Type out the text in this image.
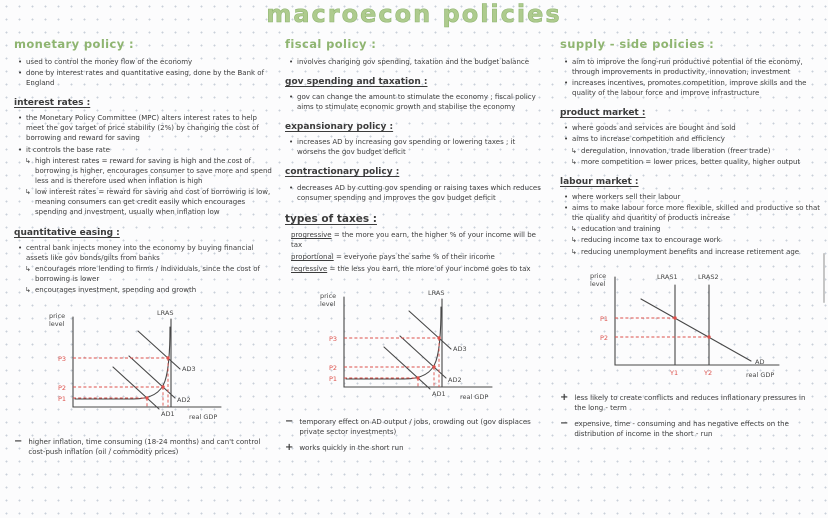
macroecon policies
monetary policy :
• used to control the money flow of the economy
• done by interest rates and quantitative easing, done by the Bank of England
interest rates :
• the Monetary Policy Committee (MPC) alters interest rates to help meet the gov target of price stability (2%) by changing the cost of borrowing and reward for saving
• it controls the base rate
↳ high interest rates = reward for saving is high and the cost of borrowing is higher, encourages consumer to save more and spend less and is therefore used when inflation is high
↳ low interest rates = reward for saving and cost of borrowing is low, meaning consumers can get credit easily which encourages spending and investment, usually when inflation low
quantitative easing :
• central bank injects money into the economy by buying financial assets like gov bonds/gilts from banks
↳ encourages more lending to firms / individuals, since the cost of borrowing is lower
↳ encourages investment, spending and growth
price
level
real GDP
LRAS
AD1
AD2
AD3
P1
P2
P3
− higher inflation, time consuming (18-24 months) and can't control cost-push inflation (oil / commodity prices)
fiscal policy :
• involves changing gov spending, taxation and the budget balance
gov spending and taxation :
• gov can change the amount to stimulate the economy ; fiscal policy aims to stimulate economic growth and stabilise the economy
expansionary policy :
• increases AD by increasing gov spending or lowering taxes ; it worsens the gov budget deficit
contractionary policy :
• decreases AD by cutting gov spending or raising taxes which reduces consumer spending and improves the gov budget deficit
types of taxes :
progressive = the more you earn, the higher % of your income will be tax
proportional = everyone pays the same % of their income
regressive = the less you earn, the more of your income goes to tax
price
level
real GDP
LRAS
AD1
AD2
AD3
P1
P2
P3
− temporary effect on AD output / jobs, crowding out (gov displaces private sector investments)
+ works quickly in the short run
supply - side policies :
• aim to improve the long-run productive potential of the economy, through improvements in productivity, innovation, investment
• increases incentives, promotes competition, improve skills and the quality of the labour force and improve infrastructure
product market :
• where goods and services are bought and sold
• aims to increase competition and efficiency
↳ deregulation, innovation, trade liberation (freer trade)
↳ more competition = lower prices, better quality, higher output
labour market :
• where workers sell their labour
• aims to make labour force more flexible, skilled and productive so that the quality and quantity of products increase
↳ education and training
↳ reducing income tax to encourage work
↳ reducing unemployment benefits and increase retirement age
price
level
real GDP
LRAS1	LRAS2
AD
P1
P2
Y1	Y2
+ less likely to create conflicts and reduces inflationary pressures in the long - term
− expensive, time - consuming and has negative effects on the distribution of income in the short - run
